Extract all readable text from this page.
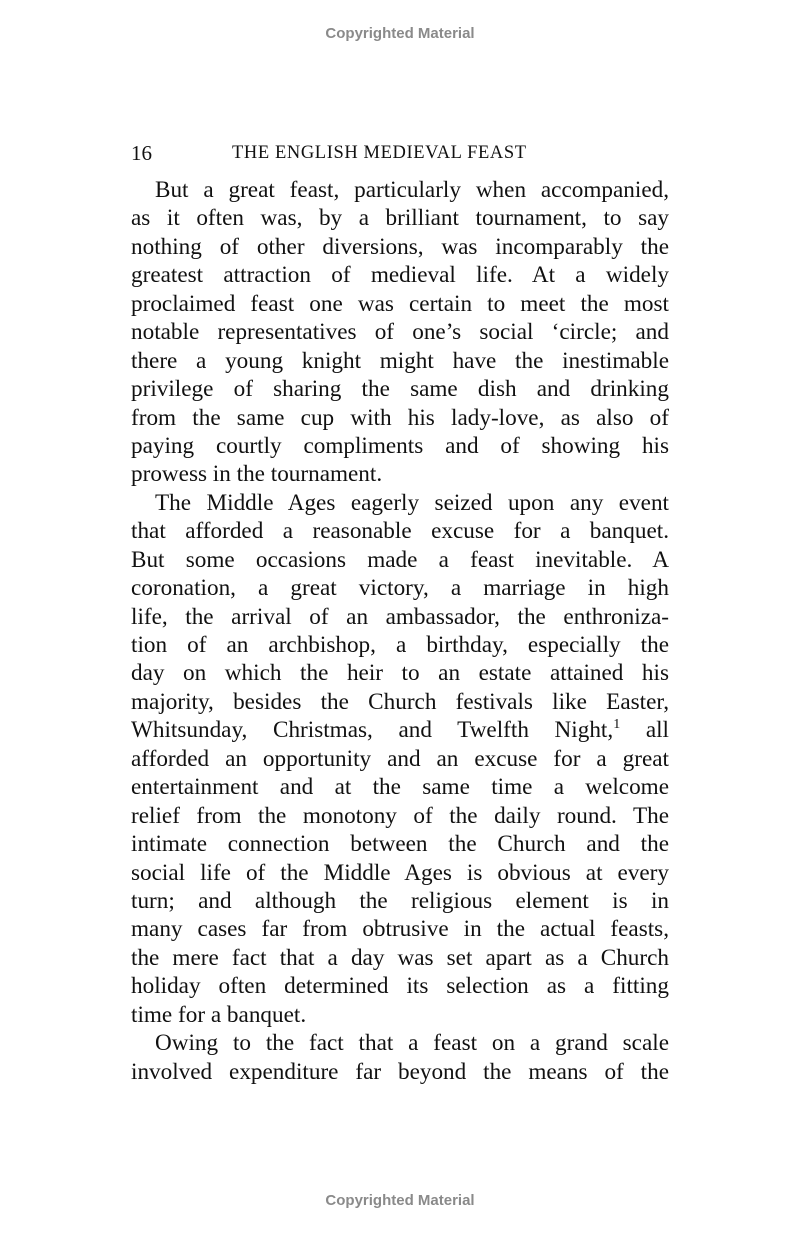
Copyrighted Material
16	THE ENGLISH MEDIEVAL FEAST
But a great feast, particularly when accompanied,
as it often was, by a brilliant tournament, to say
nothing of other diversions, was incomparably the
greatest attraction of medieval life. At a widely
proclaimed feast one was certain to meet the most
notable representatives of one’s social ‘circle; and
there a young knight might have the inestimable
privilege of sharing the same dish and drinking
from the same cup with his lady-love, as also of
paying courtly compliments and of showing his
prowess in the tournament.
The Middle Ages eagerly seized upon any event
that afforded a reasonable excuse for a banquet.
But some occasions made a feast inevitable. A
coronation, a great victory, a marriage in high
life, the arrival of an ambassador, the enthroniza-
tion of an archbishop, a birthday, especially the
day on which the heir to an estate attained his
majority, besides the Church festivals like Easter,
Whitsunday, Christmas, and Twelfth Night,$^1$ all
afforded an opportunity and an excuse for a great
entertainment and at the same time a welcome
relief from the monotony of the daily round. The
intimate connection between the Church and the
social life of the Middle Ages is obvious at every
turn; and although the religious element is in
many cases far from obtrusive in the actual feasts,
the mere fact that a day was set apart as a Church
holiday often determined its selection as a fitting
time for a banquet.
Owing to the fact that a feast on a grand scale
involved expenditure far beyond the means of the
Copyrighted Material
